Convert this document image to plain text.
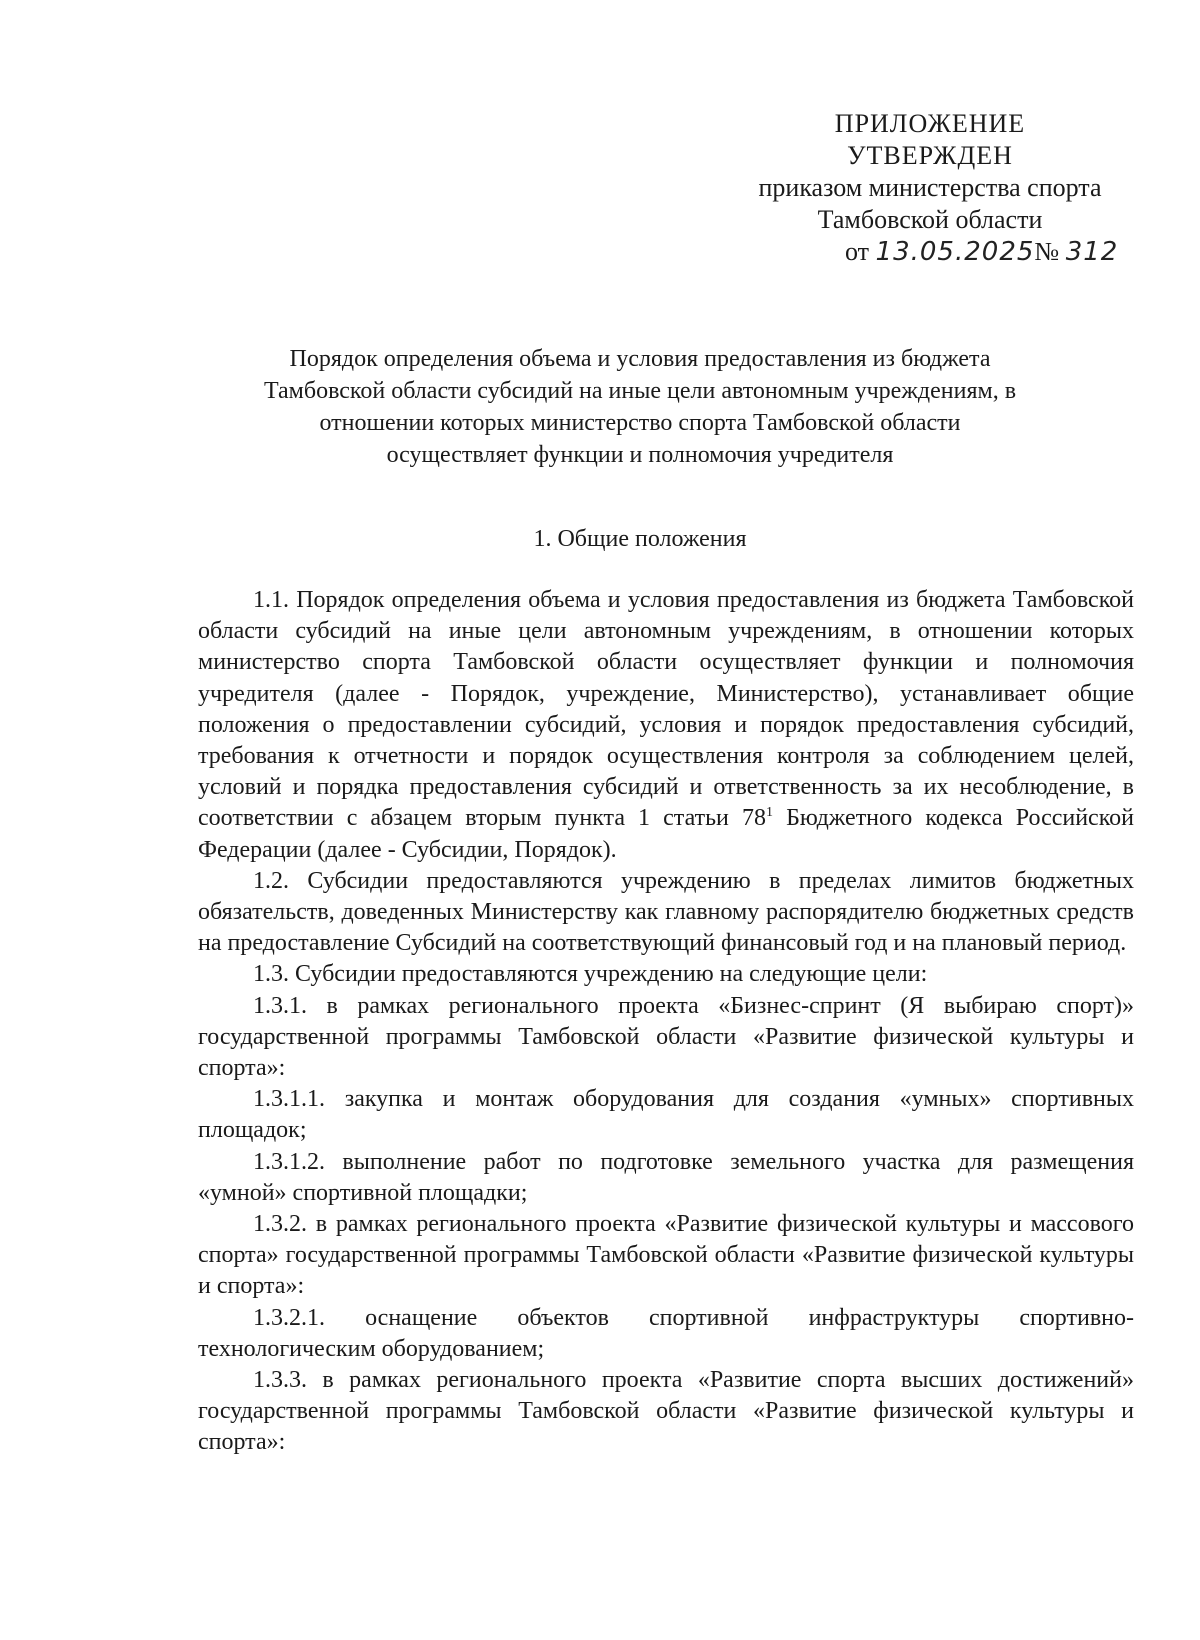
ПРИЛОЖЕНИЕ
УТВЕРЖДЕН
приказом министерства спорта
Тамбовской области
от 13.05.2025№ 312
Порядок определения объема и условия предоставления из бюджета
Тамбовской области субсидий на иные цели автономным учреждениям, в
отношении которых министерство спорта Тамбовской области
осуществляет функции и полномочия учредителя
1. Общие положения

1.1. Порядок определения объема и условия предоставления из бюджета Тамбовской области субсидий на иные цели автономным учреждениям, в отношении которых министерство спорта Тамбовской области осуществляет функции и полномочия учредителя (далее - Порядок, учреждение, Министерство), устанавливает общие положения о предоставлении субсидий, условия и порядок предоставления субсидий, требования к отчетности и порядок осуществления контроля за соблюдением целей, условий и порядка предоставления субсидий и ответственность за их несоблюдение, в соответствии с абзацем вторым пункта 1 статьи $78^1$ Бюджетного кодекса Российской Федерации (далее - Субсидии, Порядок).

1.2. Субсидии предоставляются учреждению в пределах лимитов бюджетных обязательств, доведенных Министерству как главному распорядителю бюджетных средств на предоставление Субсидий на соответствующий финансовый год и на плановый период.

1.3. Субсидии предоставляются учреждению на следующие цели:

1.3.1. в рамках регионального проекта «Бизнес-спринт (Я выбираю спорт)» государственной программы Тамбовской области «Развитие физической культуры и спорта»:

1.3.1.1. закупка и монтаж оборудования для создания «умных» спортивных площадок;

1.3.1.2. выполнение работ по подготовке земельного участка для размещения «умной» спортивной площадки;

1.3.2. в рамках регионального проекта «Развитие физической культуры и массового спорта» государственной программы Тамбовской области «Развитие физической культуры и спорта»:

1.3.2.1. оснащение объектов спортивной инфраструктуры спортивно-технологическим оборудованием;

1.3.3. в рамках регионального проекта «Развитие спорта высших достижений» государственной программы Тамбовской области «Развитие физической культуры и спорта»:
